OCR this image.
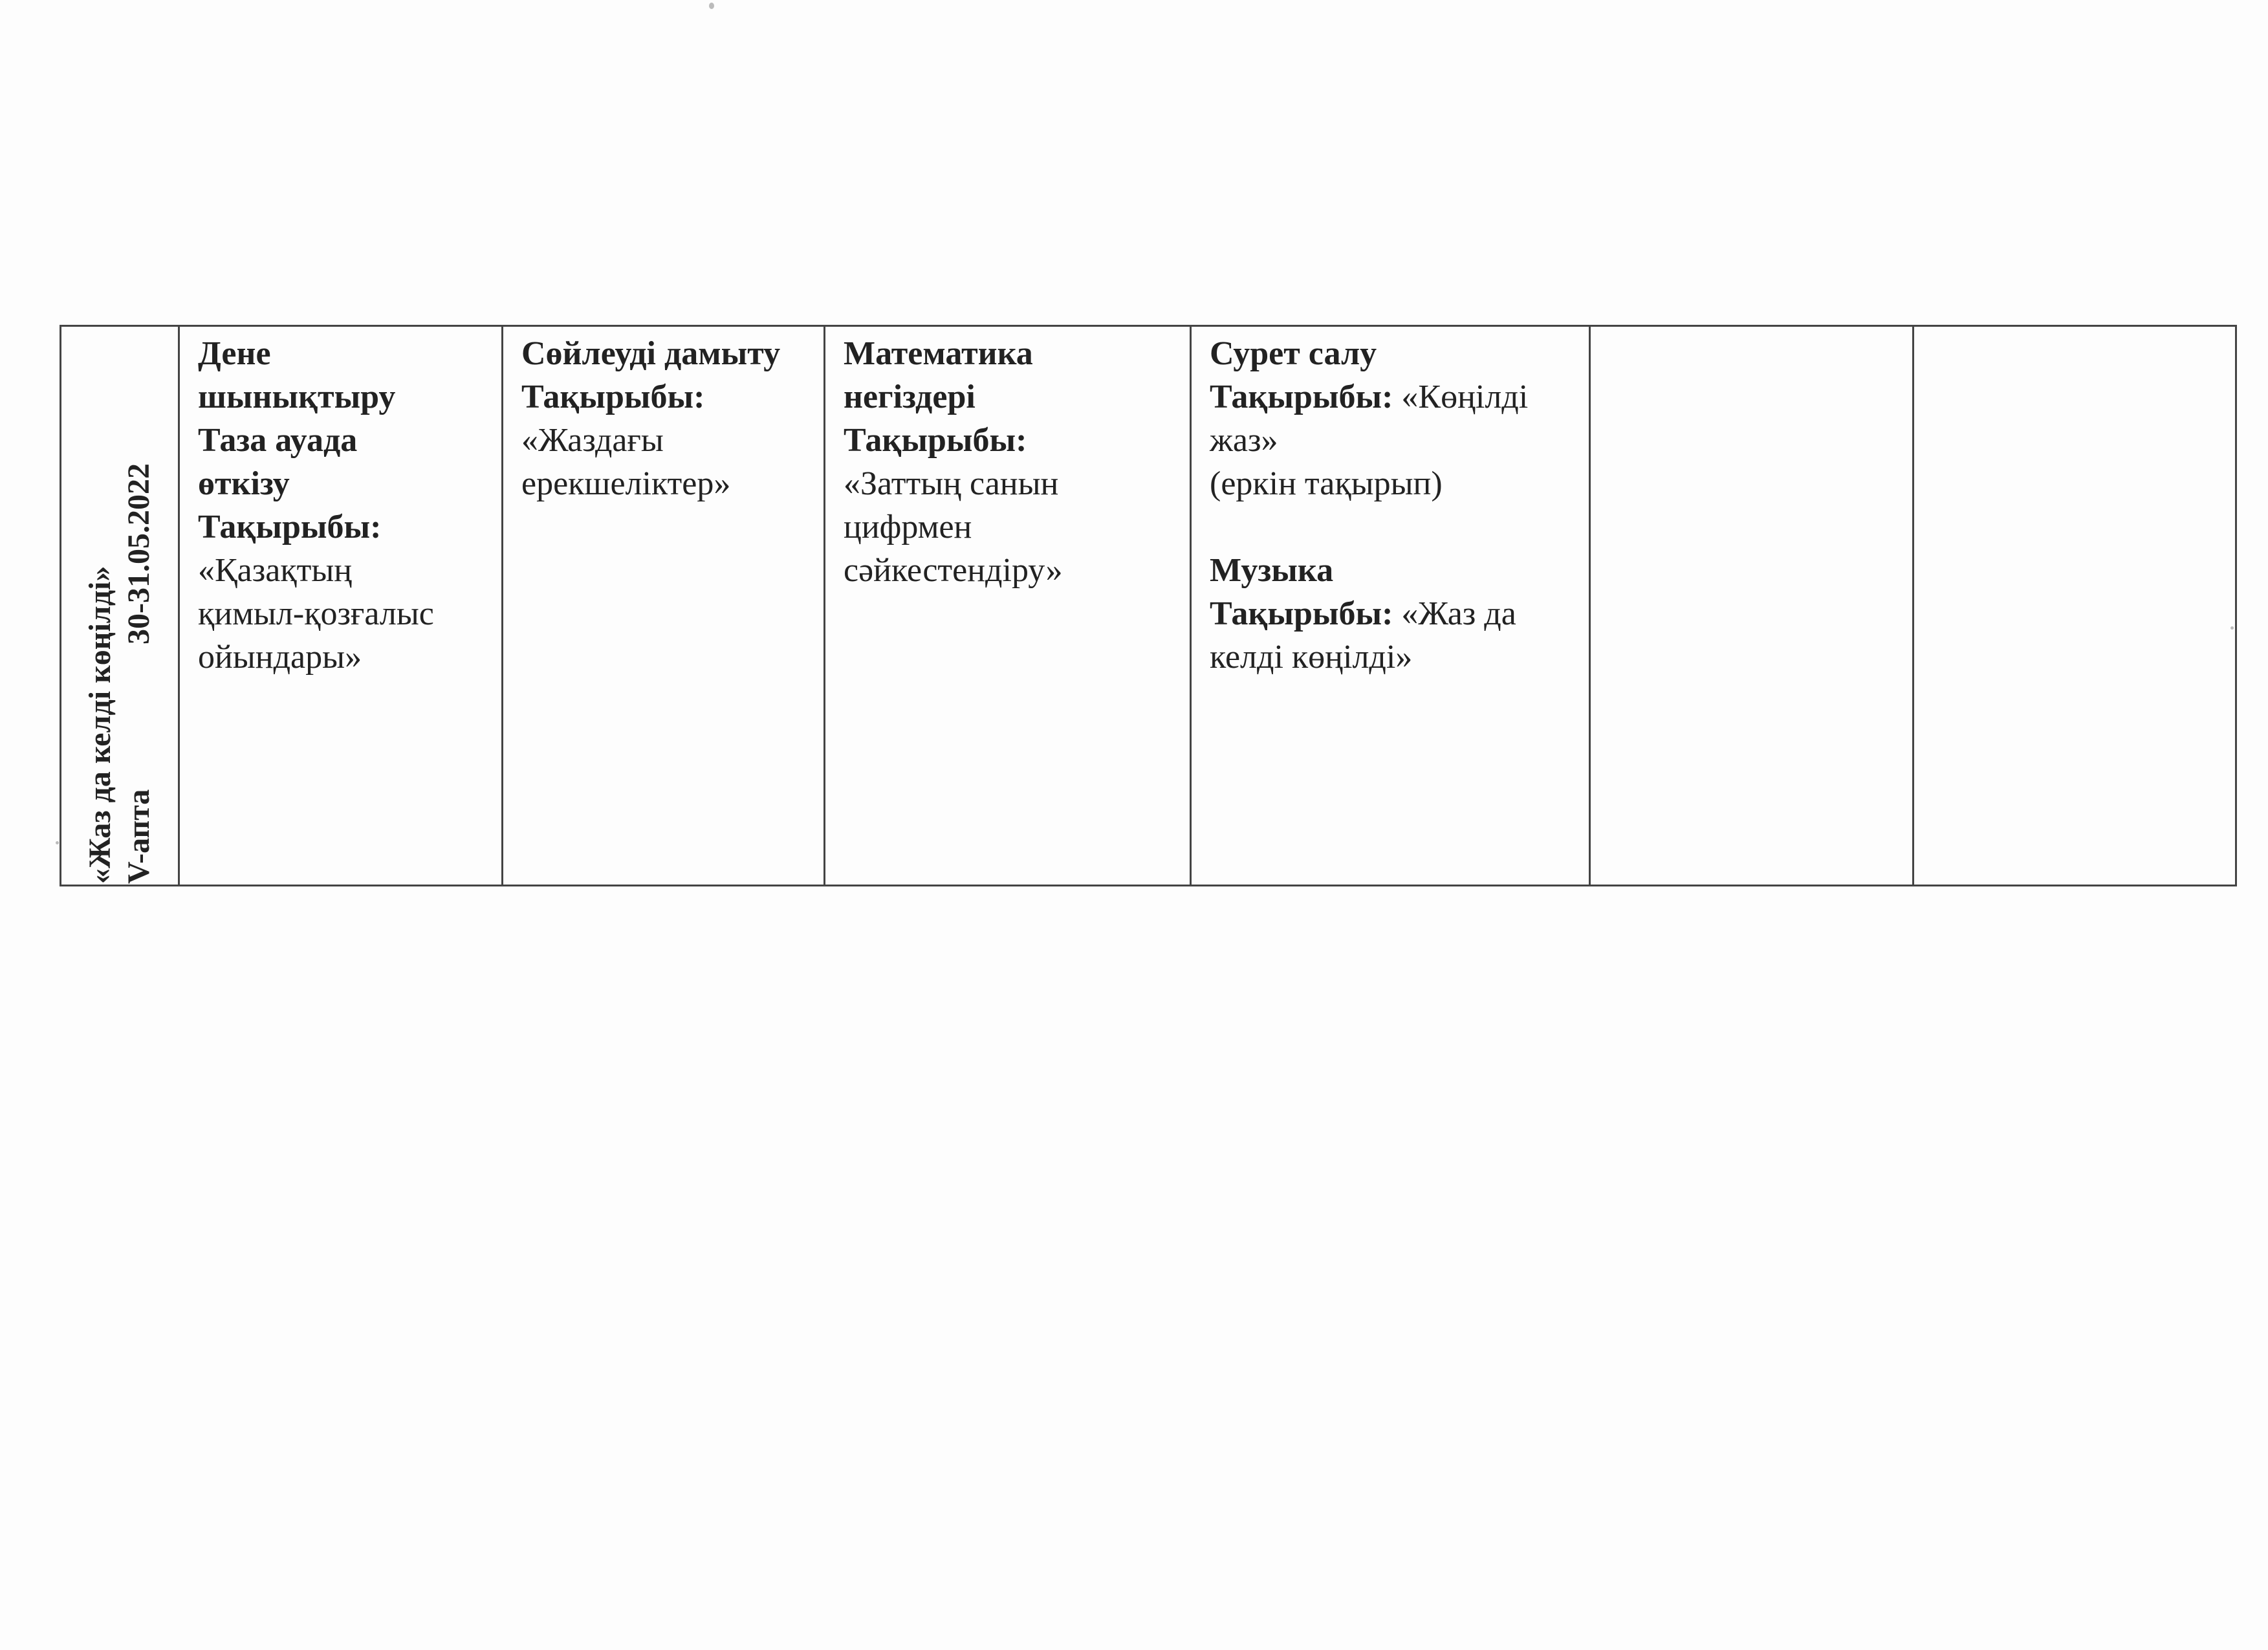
«Жаз да келді көңілді» V-апта
30-31.05.2022

Дене
шынықтыру
Таза ауада
өткізу
Тақырыбы:
«Қазақтың
қимыл-қозғалыс
ойындары»

Сөйлеуді дамыту
Тақырыбы:
«Жаздағы
ерекшеліктер»

Математика
негіздері
Тақырыбы:
«Заттың санын
цифрмен
сәйкестендіру»

Сурет салу
Тақырыбы: «Көңілді
жаз»
(еркін тақырып)
Музыка
Тақырыбы: «Жаз да
келді көңілді»
